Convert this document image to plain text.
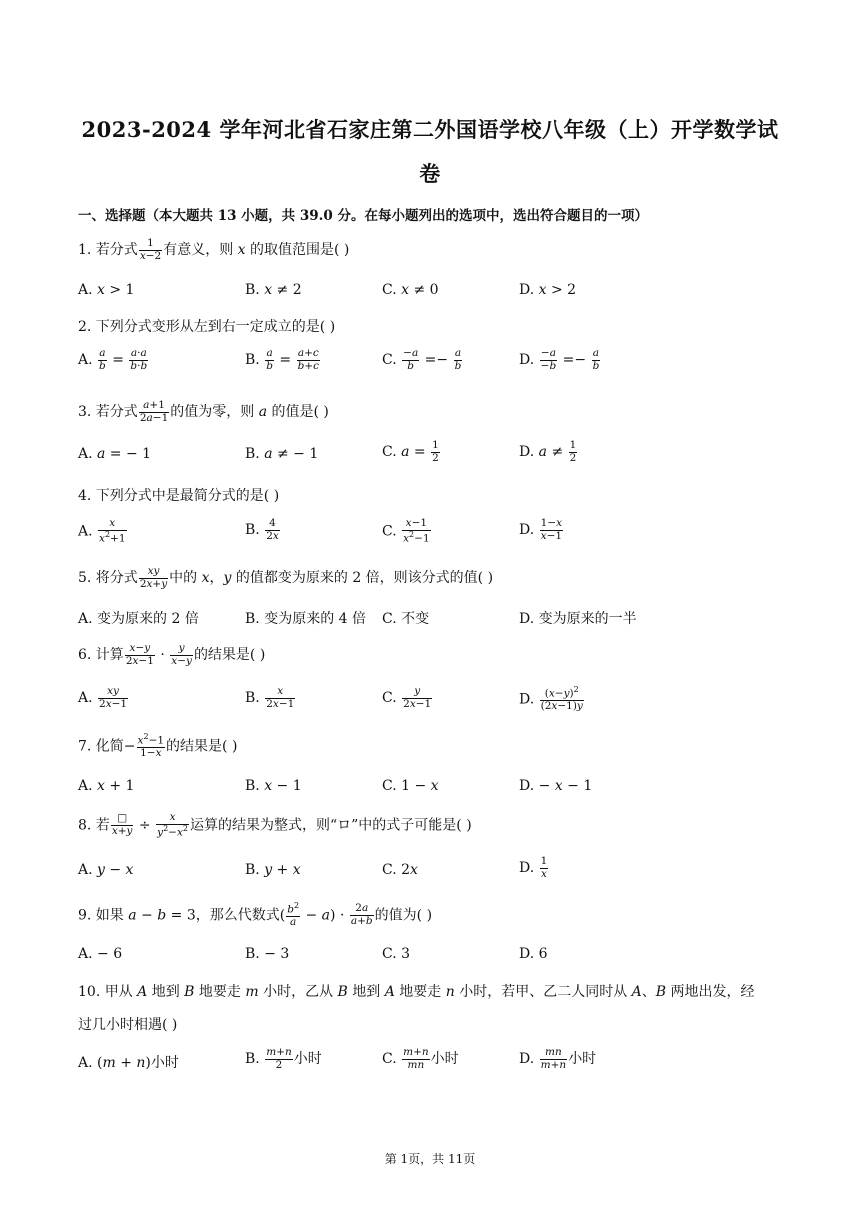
2023-2024 学年河北省石家庄第二外国语学校八年级（上）开学数学试
卷
一、选择题（本大题共 13 小题，共 39.0 分。在每小题列出的选项中，选出符合题目的一项）
1. 若分式 $\frac{1}{x-2}$ 有意义，则 𝑥 的取值范围是( )
A. 𝑥 > 1	B. 𝑥 ≠ 2	C. 𝑥 ≠ 0	D. 𝑥 > 2
2. 下列分式变形从左到右一定成立的是( )
A. $\frac{a}{b} = \frac{a\cdot a}{b\cdot b}$	B. $\frac{a}{b} = \frac{a+c}{b+c}$	C. $\frac{-a}{b} =- \frac{a}{b}$	D. $\frac{-a}{-b} =- \frac{a}{b}$
3. 若分式 $\frac{a+1}{2a-1}$ 的值为零，则 𝑎 的值是( )
A. 𝑎 = − 1	B. 𝑎 ≠ − 1	C. $a = \frac{1}{2}$	D. $a \ne \frac{1}{2}$
4. 下列分式中是最简分式的是( )
A. $\frac{x}{x^2+1}$	B. $\frac{4}{2x}$	C. $\frac{x-1}{x^2-1}$	D. $\frac{1-x}{x-1}$
5. 将分式 $\frac{xy}{2x+y}$ 中的 𝑥，𝑦 的值都变为原来的 2 倍，则该分式的值( )
A. 变为原来的 2 倍	B. 变为原来的 4 倍 C. 不变	D. 变为原来的一半
6. 计算 $\frac{x-y}{2x-1} \cdot \frac{y}{x-y}$ 的结果是( )
A. $\frac{xy}{2x-1}$	B. $\frac{x}{2x-1}$	C. $\frac{y}{2x-1}$	D. $\frac{(x-y)^2}{(2x-1)y}$
7. 化简− $\frac{x^2-1}{1-x}$ 的结果是( )
A. 𝑥 + 1	B. 𝑥 − 1	C. 1 − 𝑥	D. − 𝑥 − 1
8. 若 $\frac{□}{x+y} \div \frac{x}{y^2-x^2}$ 运算的结果为整式，则“ロ”中的式子可能是( )
A. 𝑦 − 𝑥	B. 𝑦 + 𝑥	C. 2𝑥	D. $\frac{1}{x}$
9. 如果 𝑎 − 𝑏 = 3，那么代数式( $\frac{b^2}{a} - a) \cdot \frac{2a}{a+b}$ 的值为( )
A. − 6	B. − 3	C. 3	D. 6
10. 甲从 𝐴 地到 𝐵 地要走 𝑚 小时，乙从 𝐵 地到 𝐴 地要走 𝑛 小时，若甲、乙二人同时从 𝐴、𝐵 两地出发，经
过几小时相遇( )
A. (𝑚 + 𝑛)小时	B. $\frac{m+n}{2}$ 小时	C. $\frac{m+n}{mn}$ 小时	D. $\frac{mn}{m+n}$ 小时
第 1页，共 11页
